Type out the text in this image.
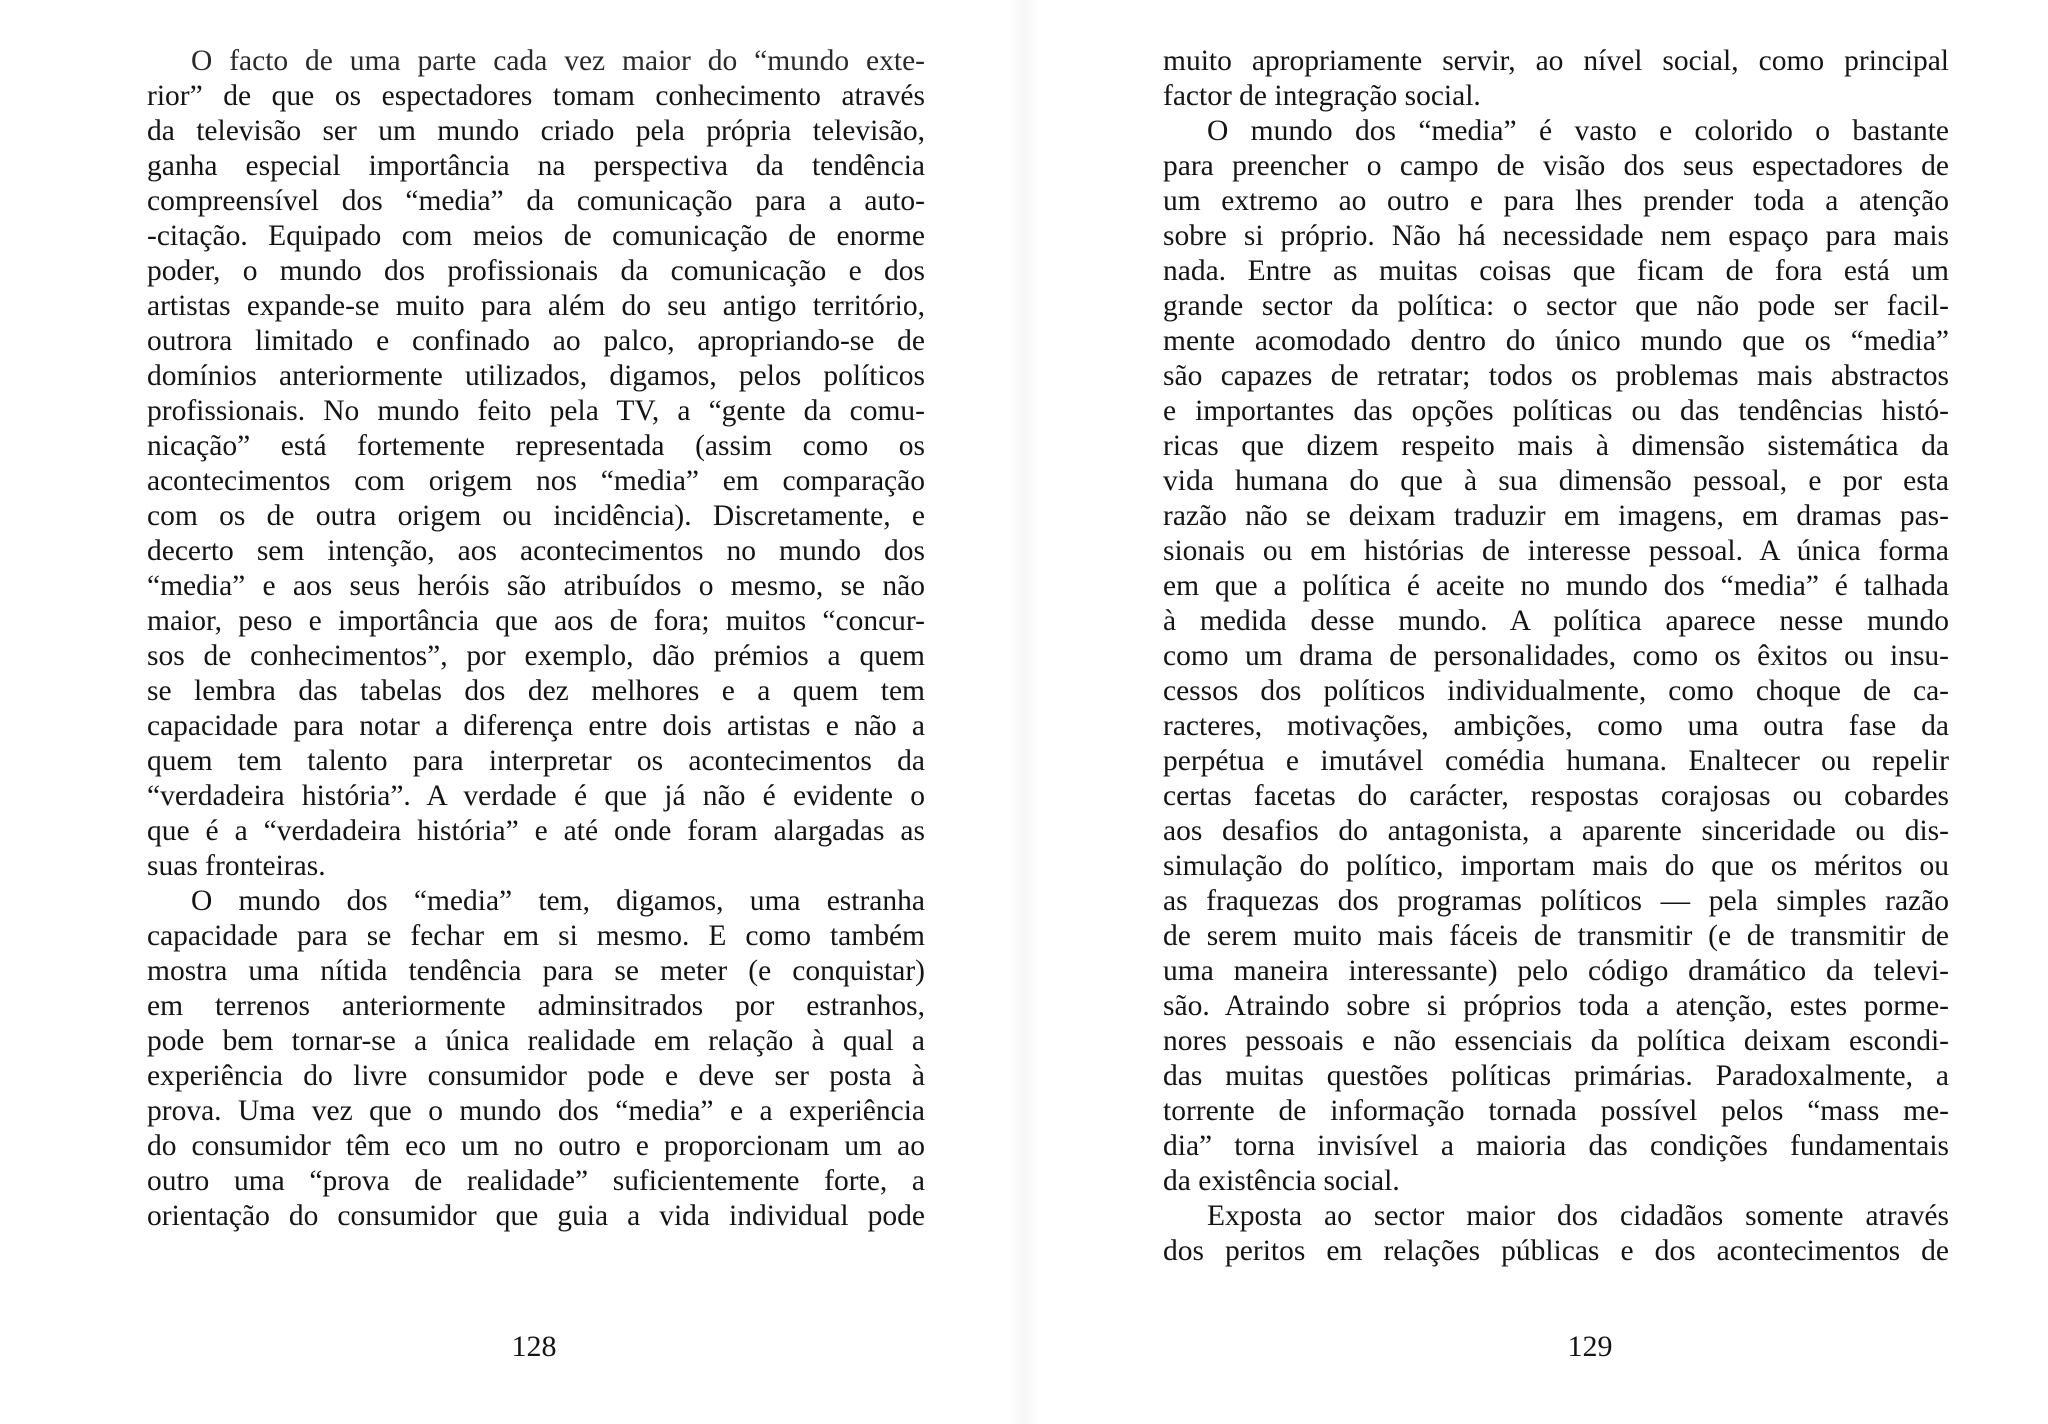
O facto de uma parte cada vez maior do “mundo exte-
rior” de que os espectadores tomam conhecimento através
da televisão ser um mundo criado pela própria televisão,
ganha especial importância na perspectiva da tendência
compreensível dos “media” da comunicação para a auto-
-citação. Equipado com meios de comunicação de enorme
poder, o mundo dos profissionais da comunicação e dos
artistas expande-se muito para além do seu antigo território,
outrora limitado e confinado ao palco, apropriando-se de
domínios anteriormente utilizados, digamos, pelos políticos
profissionais. No mundo feito pela TV, a “gente da comu-
nicação” está fortemente representada (assim como os
acontecimentos com origem nos “media” em comparação
com os de outra origem ou incidência). Discretamente, e
decerto sem intenção, aos acontecimentos no mundo dos
“media” e aos seus heróis são atribuídos o mesmo, se não
maior, peso e importância que aos de fora; muitos “concur-
sos de conhecimentos”, por exemplo, dão prémios a quem
se lembra das tabelas dos dez melhores e a quem tem
capacidade para notar a diferença entre dois artistas e não a
quem tem talento para interpretar os acontecimentos da
“verdadeira história”. A verdade é que já não é evidente o
que é a “verdadeira história” e até onde foram alargadas as
suas fronteiras.
O mundo dos “media” tem, digamos, uma estranha
capacidade para se fechar em si mesmo. E como também
mostra uma nítida tendência para se meter (e conquistar)
em terrenos anteriormente adminsitrados por estranhos,
pode bem tornar-se a única realidade em relação à qual a
experiência do livre consumidor pode e deve ser posta à
prova. Uma vez que o mundo dos “media” e a experiência
do consumidor têm eco um no outro e proporcionam um ao
outro uma “prova de realidade” suficientemente forte, a
orientação do consumidor que guia a vida individual pode
128
muito apropriamente servir, ao nível social, como principal
factor de integração social.
O mundo dos “media” é vasto e colorido o bastante
para preencher o campo de visão dos seus espectadores de
um extremo ao outro e para lhes prender toda a atenção
sobre si próprio. Não há necessidade nem espaço para mais
nada. Entre as muitas coisas que ficam de fora está um
grande sector da política: o sector que não pode ser facil-
mente acomodado dentro do único mundo que os “media”
são capazes de retratar; todos os problemas mais abstractos
e importantes das opções políticas ou das tendências histó-
ricas que dizem respeito mais à dimensão sistemática da
vida humana do que à sua dimensão pessoal, e por esta
razão não se deixam traduzir em imagens, em dramas pas-
sionais ou em histórias de interesse pessoal. A única forma
em que a política é aceite no mundo dos “media” é talhada
à medida desse mundo. A política aparece nesse mundo
como um drama de personalidades, como os êxitos ou insu-
cessos dos políticos individualmente, como choque de ca-
racteres, motivações, ambições, como uma outra fase da
perpétua e imutável comédia humana. Enaltecer ou repelir
certas facetas do carácter, respostas corajosas ou cobardes
aos desafios do antagonista, a aparente sinceridade ou dis-
simulação do político, importam mais do que os méritos ou
as fraquezas dos programas políticos — pela simples razão
de serem muito mais fáceis de transmitir (e de transmitir de
uma maneira interessante) pelo código dramático da televi-
são. Atraindo sobre si próprios toda a atenção, estes porme-
nores pessoais e não essenciais da política deixam escondi-
das muitas questões políticas primárias. Paradoxalmente, a
torrente de informação tornada possível pelos “mass me-
dia” torna invisível a maioria das condições fundamentais
da existência social.
Exposta ao sector maior dos cidadãos somente através
dos peritos em relações públicas e dos acontecimentos de
129
